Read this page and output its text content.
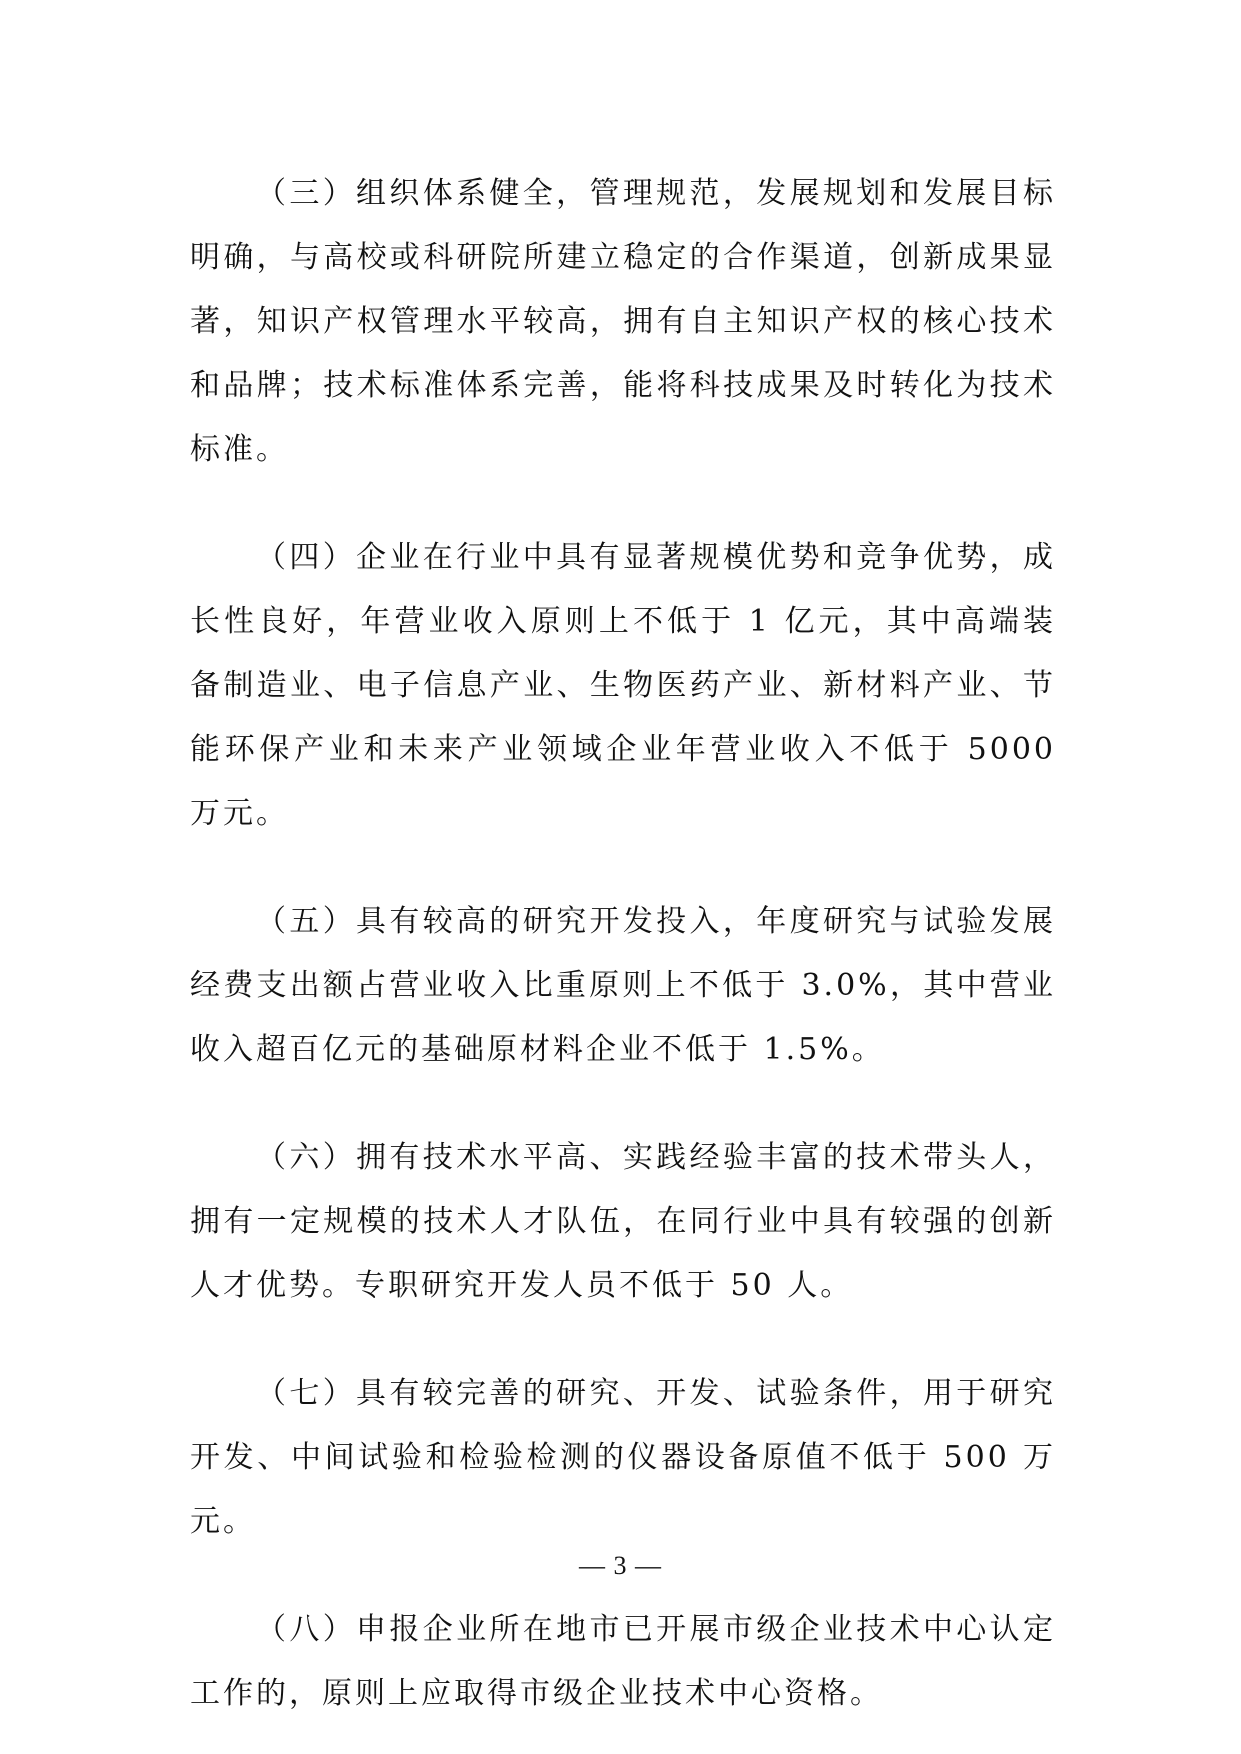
（三）组织体系健全，管理规范，发展规划和发展目标明确，与高校或科研院所建立稳定的合作渠道，创新成果显著，知识产权管理水平较高，拥有自主知识产权的核心技术和品牌；技术标准体系完善，能将科技成果及时转化为技术标准。

（四）企业在行业中具有显著规模优势和竞争优势，成长性良好，年营业收入原则上不低于 1 亿元，其中高端装备制造业、电子信息产业、生物医药产业、新材料产业、节能环保产业和未来产业领域企业年营业收入不低于 5000 万元。

（五）具有较高的研究开发投入，年度研究与试验发展经费支出额占营业收入比重原则上不低于 3.0%，其中营业收入超百亿元的基础原材料企业不低于 1.5%。

（六）拥有技术水平高、实践经验丰富的技术带头人，拥有一定规模的技术人才队伍，在同行业中具有较强的创新人才优势。专职研究开发人员不低于 50 人。

（七）具有较完善的研究、开发、试验条件，用于研究开发、中间试验和检验检测的仪器设备原值不低于 500 万元。

（八）申报企业所在地市已开展市级企业技术中心认定工作的，原则上应取得市级企业技术中心资格。

— 3 —
